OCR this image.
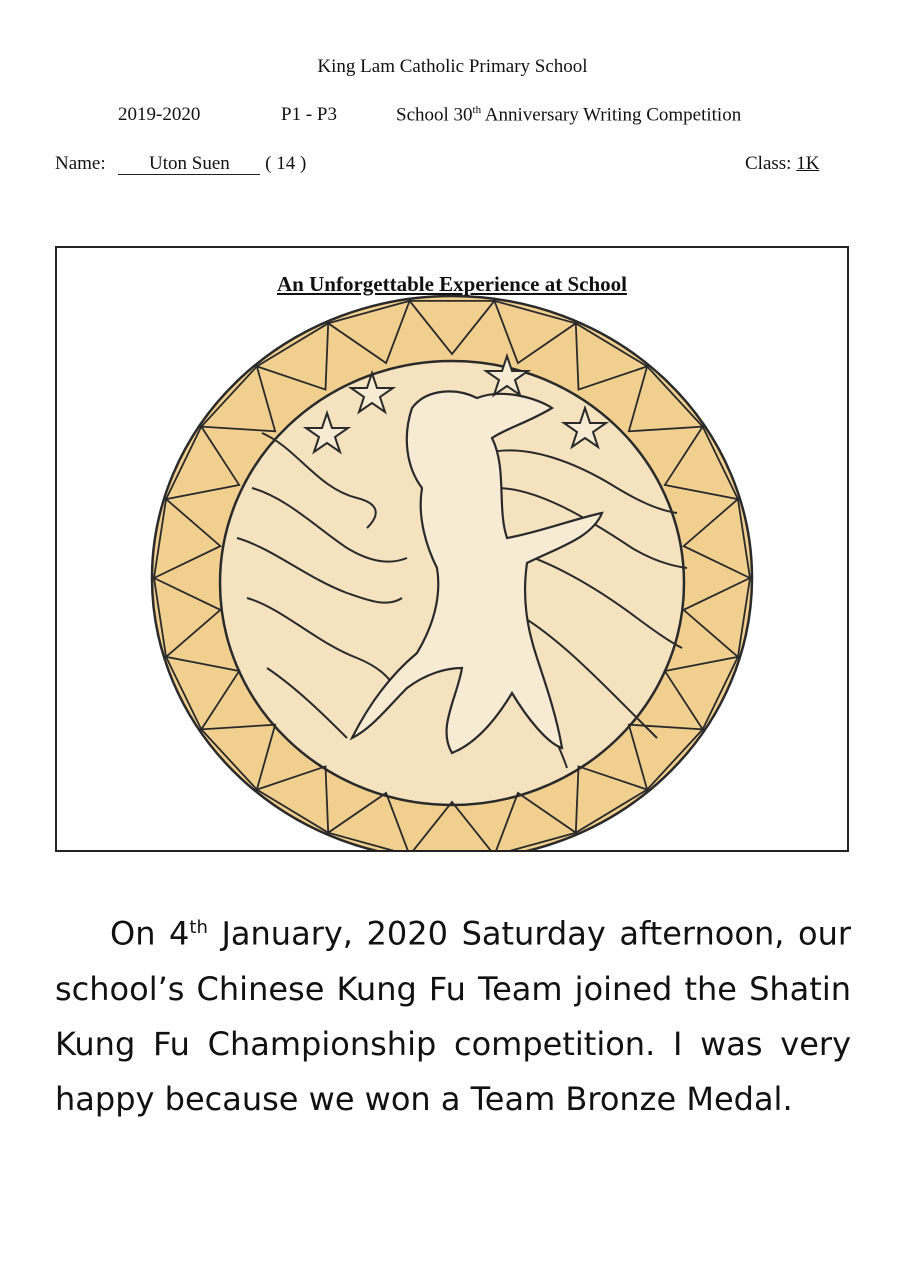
King Lam Catholic Primary School
2019-2020	P1 - P3	School 30th Anniversary Writing Competition
Name: Uton Suen ( 14 )	Class: 1K
An Unforgettable Experience at School
On 4th January, 2020 Saturday afternoon, our school’s Chinese Kung Fu Team joined the Shatin Kung Fu Championship competition. I was very happy because we won a Team Bronze Medal.
